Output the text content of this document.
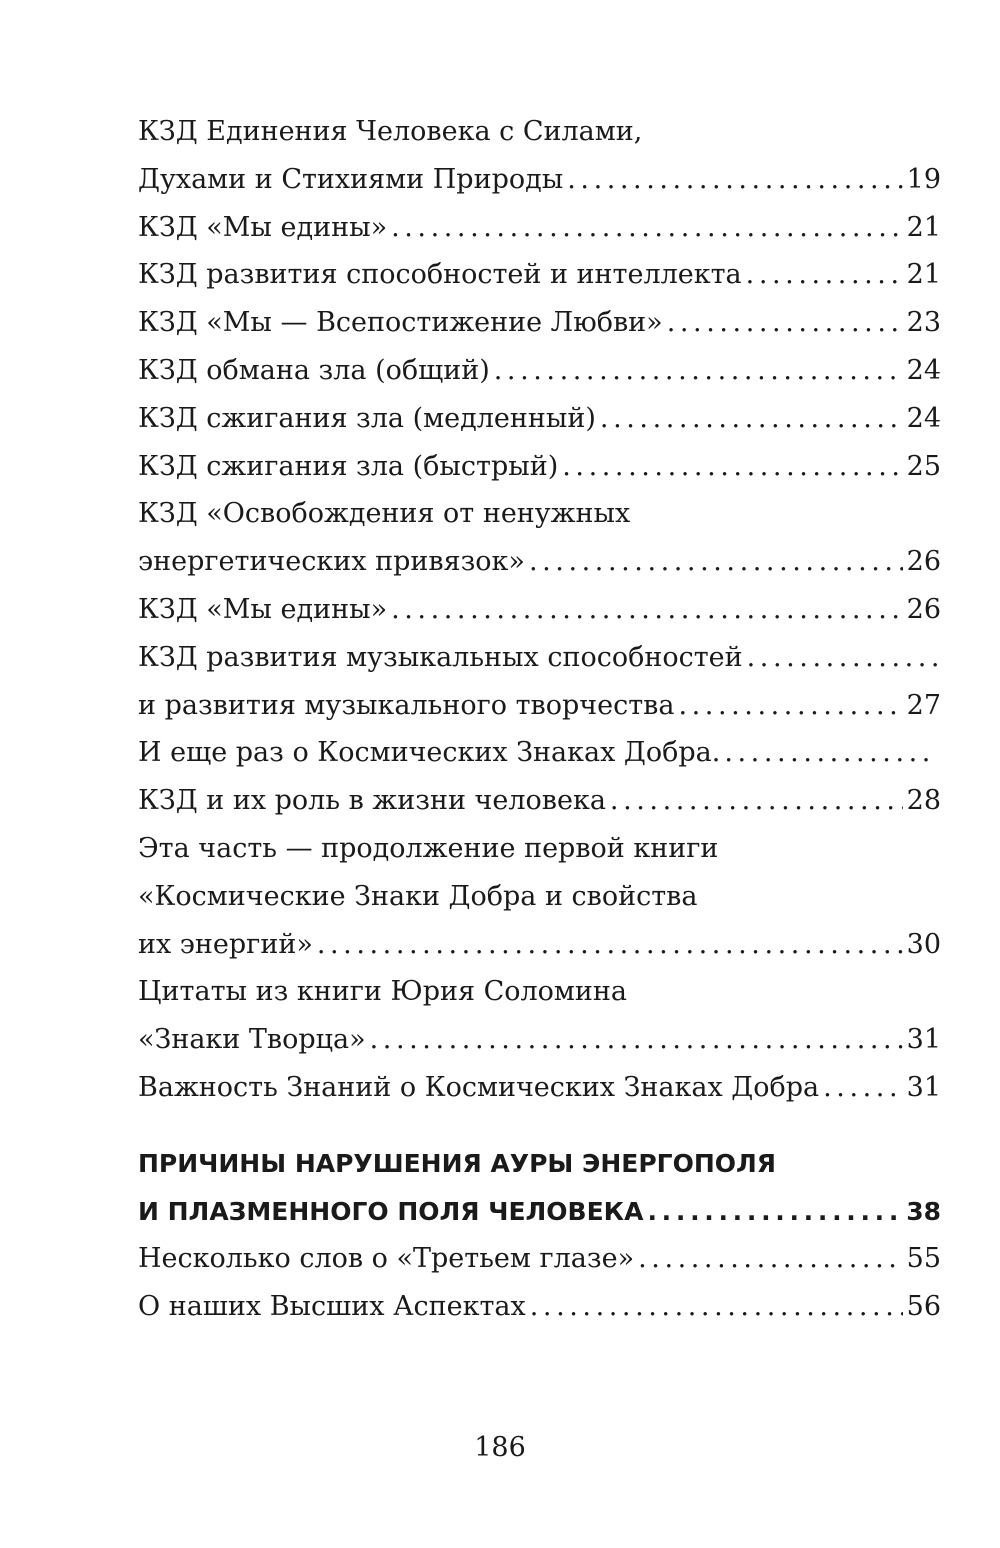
КЗД Единения Человека с Силами,
Духами и Стихиями Природы . . .	19
КЗД «Мы едины» . . .	21
КЗД развития способностей и интеллекта . . .	21
КЗД «Мы — Всепостижение Любви» . . .	23
КЗД обмана зла (общий) . . .	24
КЗД сжигания зла (медленный) . . .	24
КЗД сжигания зла (быстрый) . . .	25
КЗД «Освобождения от ненужных
энергетических привязок» . . .	26
КЗД «Мы едины» . . .	26
КЗД развития музыкальных способностей
. . .
и развития музыкального творчества . . .	27
И еще раз о Космических Знаках Добра.
. . .
КЗД и их роль в жизни человека . . .	28
Эта часть — продолжение первой книги
«Космические Знаки Добра и свойства
их энергий» . . .	30
Цитаты из книги Юрия Соломина
«Знаки Творца» . . .	31
Важность Знаний о Космических Знаках Добра . . .	31
ПРИЧИНЫ НАРУШЕНИЯ АУРЫ ЭНЕРГОПОЛЯ
И ПЛАЗМЕННОГО ПОЛЯ ЧЕЛОВЕКА . . .	38
Несколько слов о «Третьем глазе» . . .	55
О наших Высших Аспектах . . .	56
186
